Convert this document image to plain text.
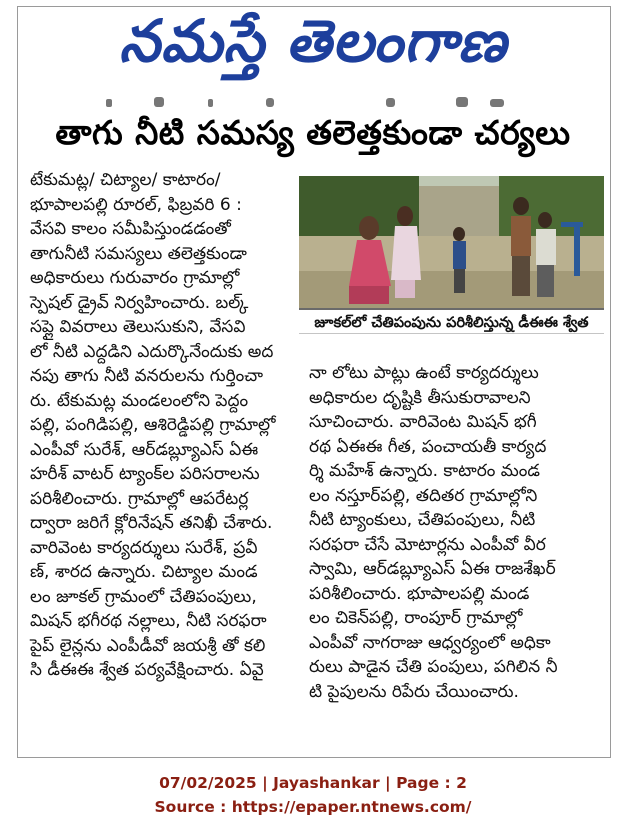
నమస్తే తెలంగాణ
తాగు నీటి సమస్య తలెత్తకుండా చర్యలు

టేకుమట్ల/ చిట్యాల/ కాటారం/

భూపాలపల్లి రూరల్, ఫిబ్రవరి 6 :

వేసవి కాలం సమీపిస్తుండడంతో

తాగునీటి సమస్యలు తలెత్తకుండా

అధికారులు గురువారం గ్రామాల్లో

స్పెషల్ డ్రైవ్ నిర్వహించారు. బల్క్

సప్లై వివరాలు తెలుసుకుని, వేసవి

లో నీటి ఎద్దడిని ఎదుర్కొనేందుకు అద

నపు తాగు నీటి వనరులను గుర్తించా

రు. టేకుమట్ల మండలంలోని పెద్దం

పల్లి, పంగిడిపల్లి, ఆశిరెడ్డిపల్లి గ్రామాల్లో

ఎంపీవో సురేశ్, ఆర్‌డబ్ల్యూఎస్ ఏఈ

హరీశ్ వాటర్ ట్యాంక్‌ల పరిసరాలను

పరిశీలించారు. గ్రామాల్లో ఆపరేటర్ల

ద్వారా జరిగే క్లోరినేషన్ తనిఖీ చేశారు.

వారివెంట కార్యదర్శులు సురేశ్, ప్రవీ

ణ్, శారద ఉన్నారు. చిట్యాల మండ

లం జూకల్ గ్రామంలో చేతిపంపులు,

మిషన్ భగీరథ నల్లాలు, నీటి సరఫరా

పైప్ లైన్లను ఎంపీడీవో జయశ్రీ తో కలి

సి డీఈఈ శ్వేత పర్యవేక్షించారు. ఏవై

జూకల్‌లో చేతిపంపును పరిశీలిస్తున్న డీఈఈ శ్వేత

నా లోటు పాట్లు ఉంటే కార్యదర్శులు

అధికారుల దృష్టికి తీసుకురావాలని

సూచించారు. వారివెంట మిషన్ భగీ

రథ ఏఈఈ గీత, పంచాయతీ కార్యద

ర్శి మహేశ్ ఉన్నారు. కాటారం మండ

లం నస్తూర్‌పల్లి, తదితర గ్రామాల్లోని

నీటి ట్యాంకులు, చేతిపంపులు, నీటి

సరఫరా చేసే మోటార్లను ఎంపీవో వీర

స్వామి, ఆర్‌డబ్ల్యూఎస్ ఏఈ రాజశేఖర్

పరిశీలించారు. భూపాలపల్లి మండ

లం చికెన్‌పల్లి, రాంపూర్ గ్రామాల్లో

ఎంపీవో నాగరాజు ఆధ్వర్యంలో అధికా

రులు పాడైన చేతి పంపులు, పగిలిన నీ

టి పైపులను రిపేరు చేయించారు.

07/02/2025 | Jayashankar | Page : 2
Source : https://epaper.ntnews.com/
